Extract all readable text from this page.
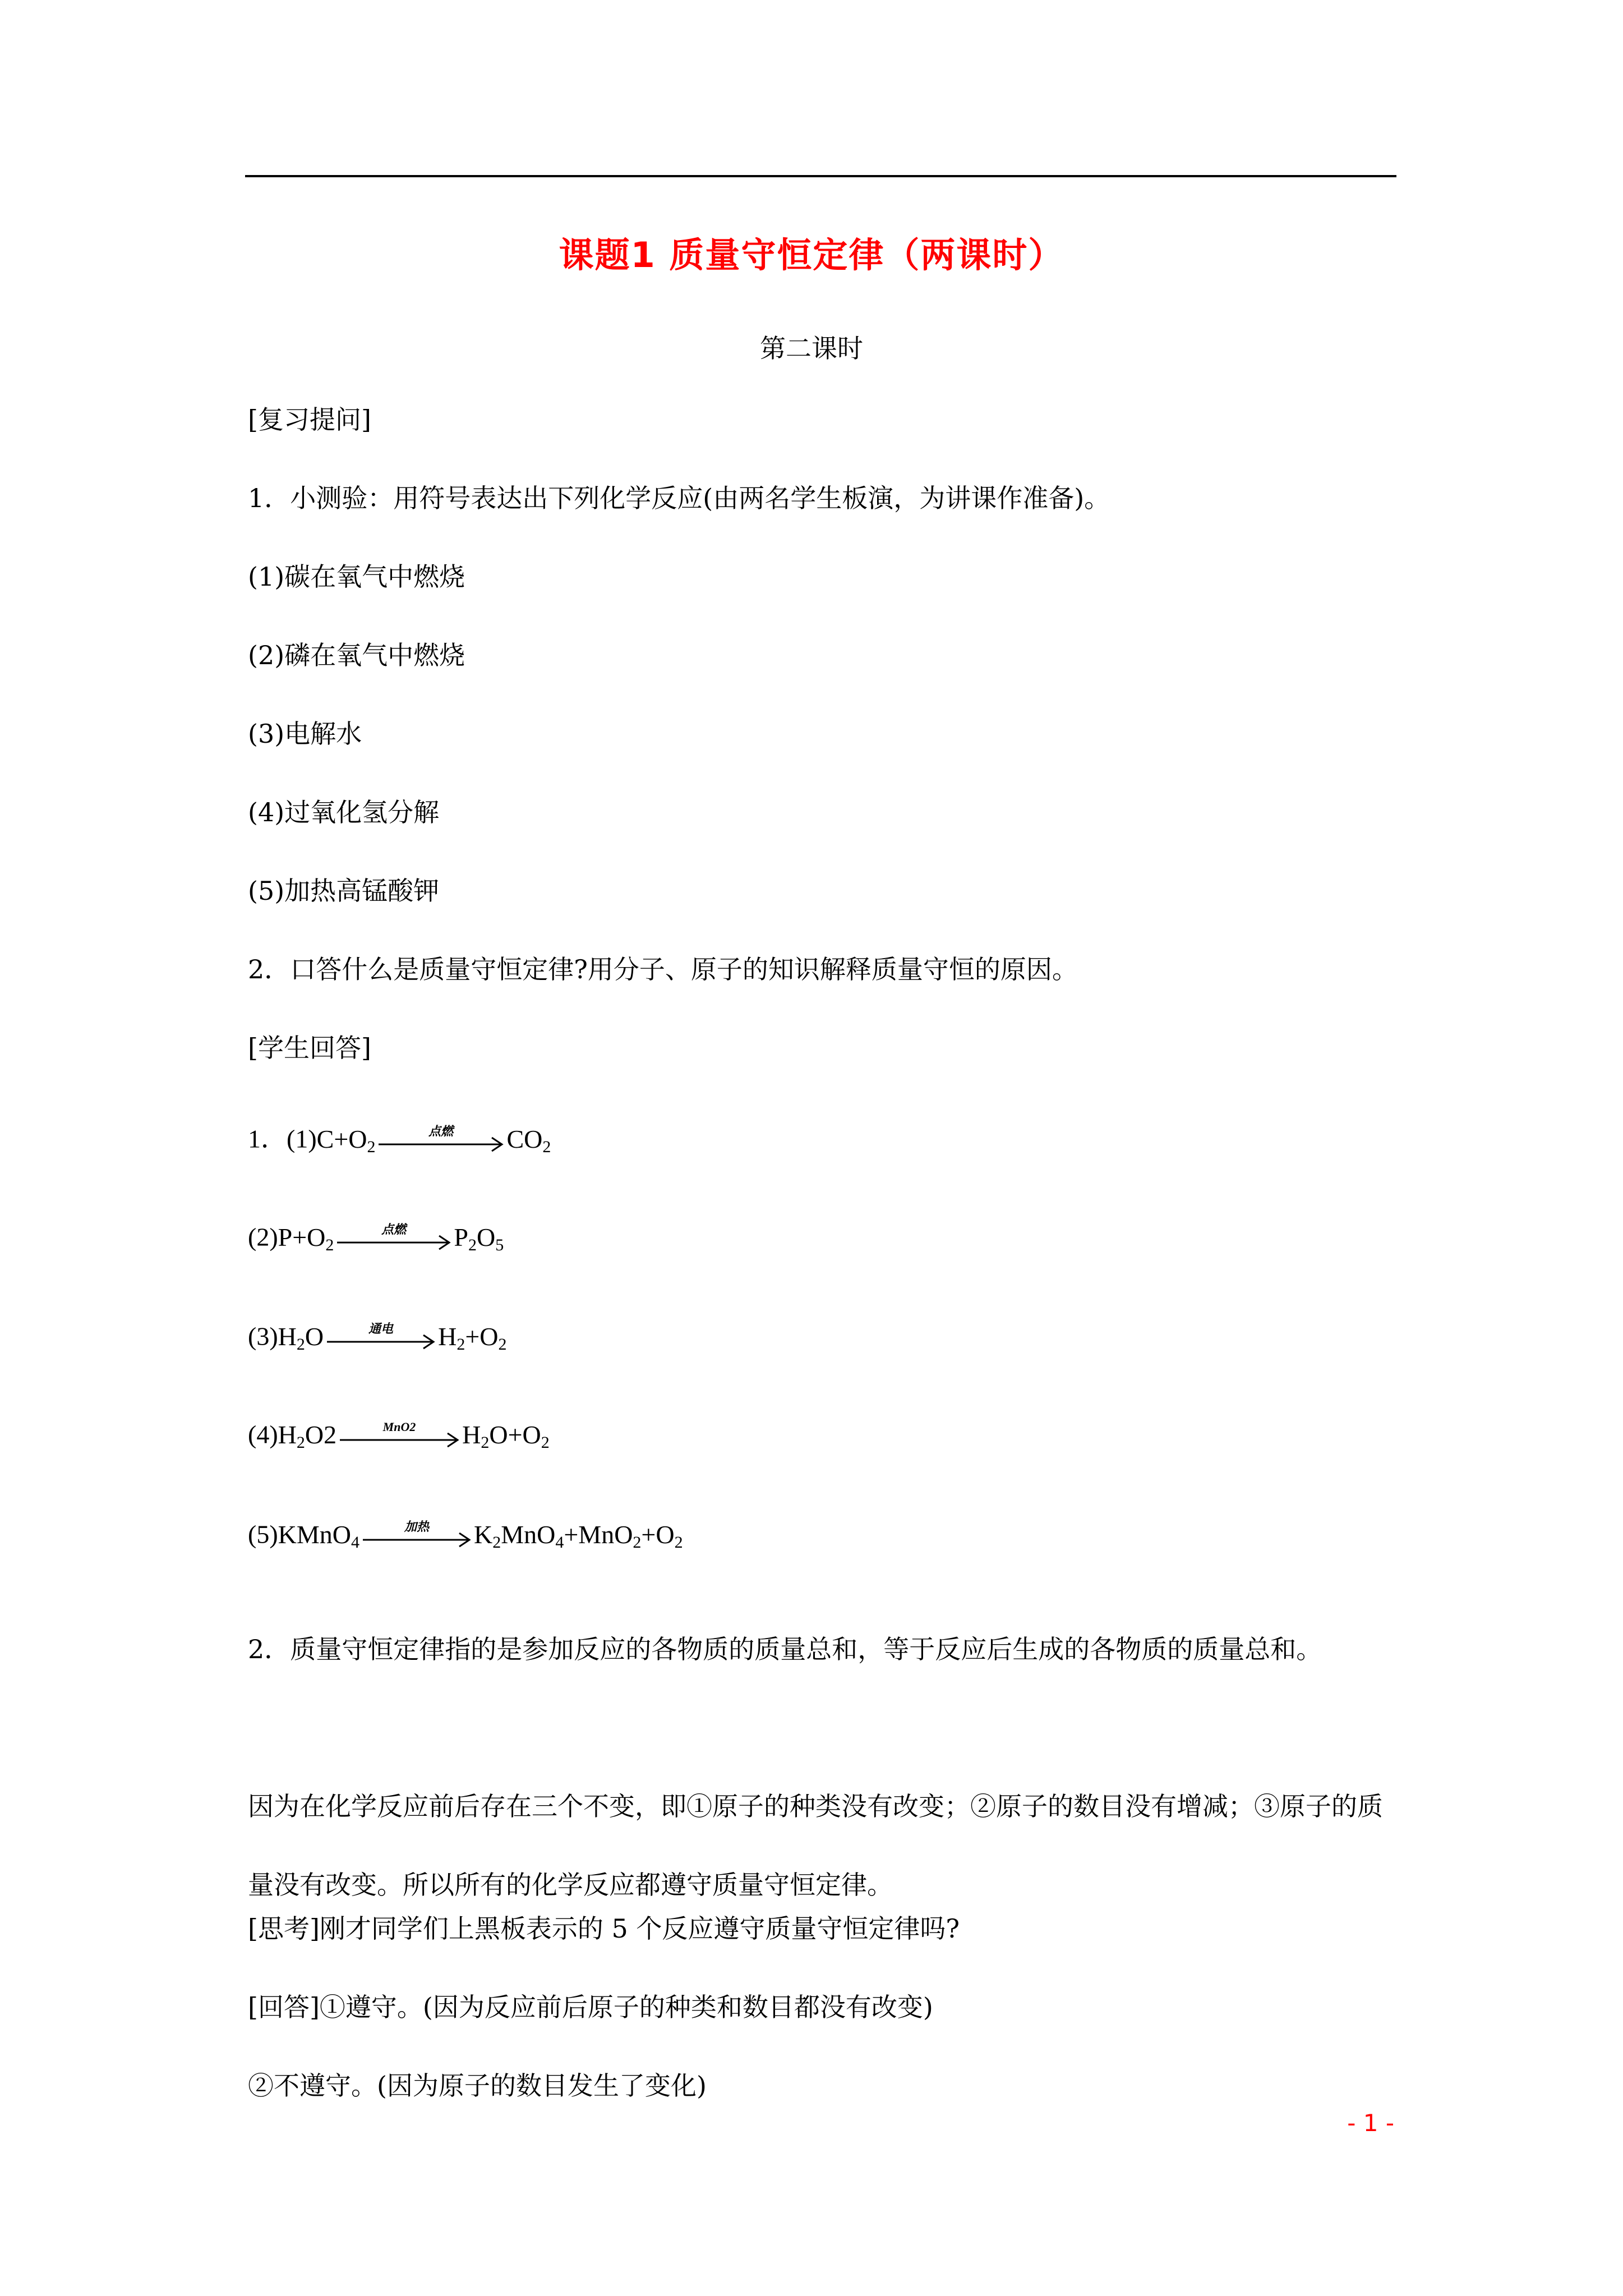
课题1 质量守恒定律（两课时）
第二课时
[复习提问]
1．小测验：用符号表达出下列化学反应(由两名学生板演，为讲课作准备)。
(1)碳在氧气中燃烧
(2)磷在氧气中燃烧
(3)电解水
(4)过氧化氢分解
(5)加热高锰酸钾
2．口答什么是质量守恒定律?用分子、原子的知识解释质量守恒的原因。
[学生回答]
1．$(1)C+O_2$
点燃 $CO_2$
$(2)P+O_2$
点燃 $P_2O_5$
$(3)H_2O$	通电 $H_2+O_2$
$(4)H_2O2$	MnO2 $H_2O+O_2$
(5)KMnO$_4$
加热 $K_2MnO_4+MnO_2+O_2$
2．质量守恒定律指的是参加反应的各物质的质量总和，等于反应后生成的各物质的质量总和。
因为在化学反应前后存在三个不变，即①原子的种类没有改变；②原子的数目没有增减；③原子的质量没有改变。所以所有的化学反应都遵守质量守恒定律。
[思考]刚才同学们上黑板表示的 5 个反应遵守质量守恒定律吗?
[回答]①遵守。(因为反应前后原子的种类和数目都没有改变)
②不遵守。(因为原子的数目发生了变化)
- 1 -
